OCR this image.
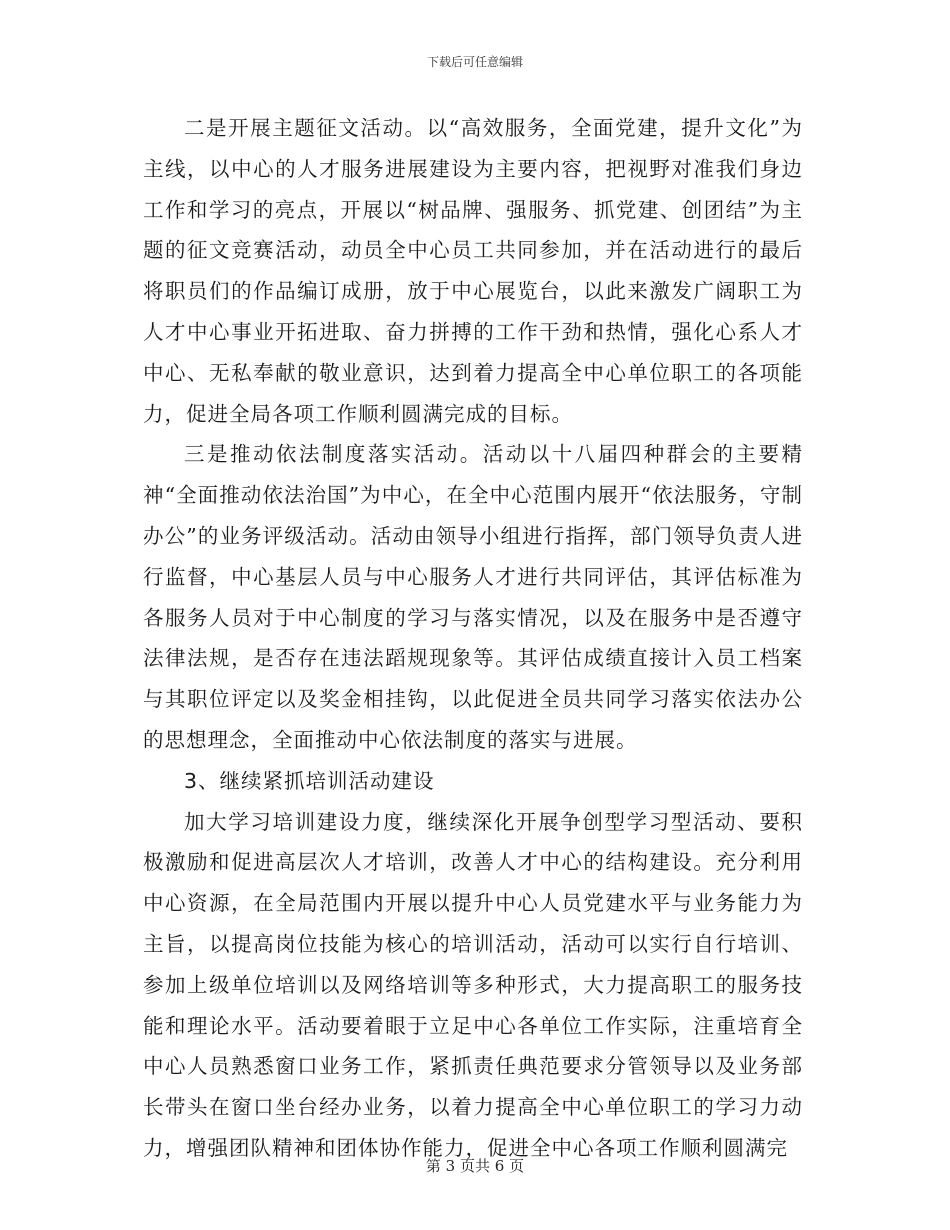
下载后可任意编辑

二是开展主题征文活动。以“高效服务，全面党建，提升文化”为主线，以中心的人才服务进展建设为主要内容，把视野对准我们身边工作和学习的亮点，开展以“树品牌、强服务、抓党建、创团结”为主题的征文竞赛活动，动员全中心员工共同参加，并在活动进行的最后将职员们的作品编订成册，放于中心展览台，以此来激发广阔职工为人才中心事业开拓进取、奋力拼搏的工作干劲和热情，强化心系人才中心、无私奉献的敬业意识，达到着力提高全中心单位职工的各项能力，促进全局各项工作顺利圆满完成的目标。

三是推动依法制度落实活动。活动以十八届四种群会的主要精神“全面推动依法治国”为中心，在全中心范围内展开“依法服务，守制办公”的业务评级活动。活动由领导小组进行指挥，部门领导负责人进行监督，中心基层人员与中心服务人才进行共同评估，其评估标准为各服务人员对于中心制度的学习与落实情况，以及在服务中是否遵守法律法规，是否存在违法蹈规现象等。其评估成绩直接计入员工档案与其职位评定以及奖金相挂钩，以此促进全员共同学习落实依法办公的思想理念，全面推动中心依法制度的落实与进展。

3、继续紧抓培训活动建设

加大学习培训建设力度，继续深化开展争创型学习型活动、要积极激励和促进高层次人才培训，改善人才中心的结构建设。充分利用中心资源，在全局范围内开展以提升中心人员党建水平与业务能力为主旨，以提高岗位技能为核心的培训活动，活动可以实行自行培训、参加上级单位培训以及网络培训等多种形式，大力提高职工的服务技能和理论水平。活动要着眼于立足中心各单位工作实际，注重培育全中心人员熟悉窗口业务工作，紧抓责任典范要求分管领导以及业务部长带头在窗口坐台经办业务，以着力提高全中心单位职工的学习力动力，增强团队精神和团体协作能力，促进全中心各项工作顺利圆满完

第 3 页共 6 页
